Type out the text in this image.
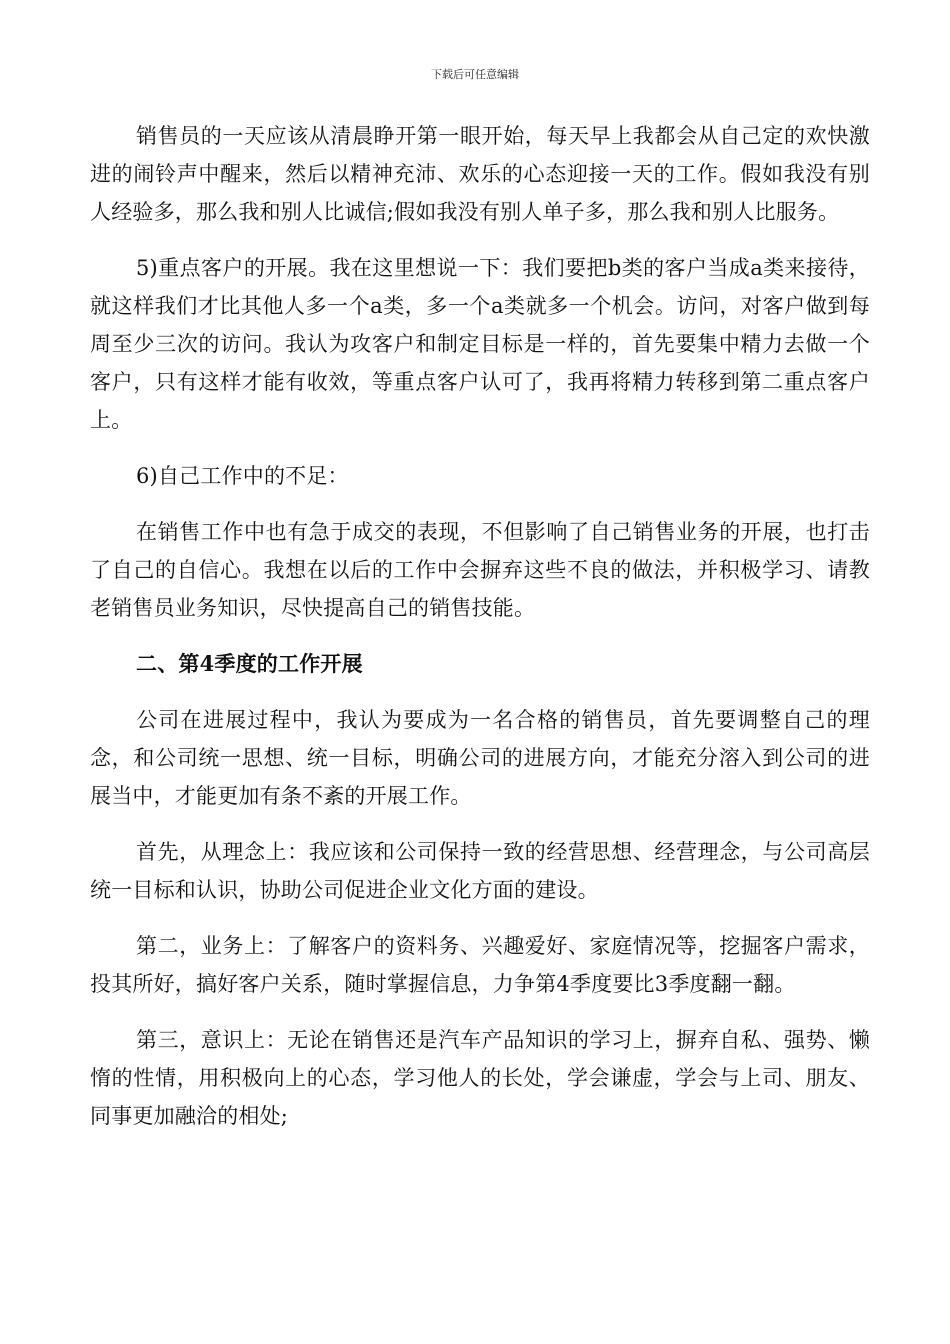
下载后可任意编辑

销售员的一天应该从清晨睁开第一眼开始，每天早上我都会从自己定的欢快激进的闹铃声中醒来，然后以精神充沛、欢乐的心态迎接一天的工作。假如我没有别人经验多，那么我和别人比诚信;假如我没有别人单子多，那么我和别人比服务。

5)重点客户的开展。我在这里想说一下：我们要把b类的客户当成a类来接待，就这样我们才比其他人多一个a类，多一个a类就多一个机会。访问，对客户做到每周至少三次的访问。我认为攻客户和制定目标是一样的，首先要集中精力去做一个客户，只有这样才能有收效，等重点客户认可了，我再将精力转移到第二重点客户上。

6)自己工作中的不足：

在销售工作中也有急于成交的表现，不但影响了自己销售业务的开展，也打击了自己的自信心。我想在以后的工作中会摒弃这些不良的做法，并积极学习、请教老销售员业务知识，尽快提高自己的销售技能。

二、第4季度的工作开展

公司在进展过程中，我认为要成为一名合格的销售员，首先要调整自己的理念，和公司统一思想、统一目标，明确公司的进展方向，才能充分溶入到公司的进展当中，才能更加有条不紊的开展工作。

首先，从理念上：我应该和公司保持一致的经营思想、经营理念，与公司高层统一目标和认识，协助公司促进企业文化方面的建设。

第二，业务上：了解客户的资料务、兴趣爱好、家庭情况等，挖掘客户需求，投其所好，搞好客户关系，随时掌握信息，力争第4季度要比3季度翻一翻。

第三，意识上：无论在销售还是汽车产品知识的学习上，摒弃自私、强势、懒惰的性情，用积极向上的心态，学习他人的长处，学会谦虚，学会与上司、朋友、同事更加融洽的相处;
